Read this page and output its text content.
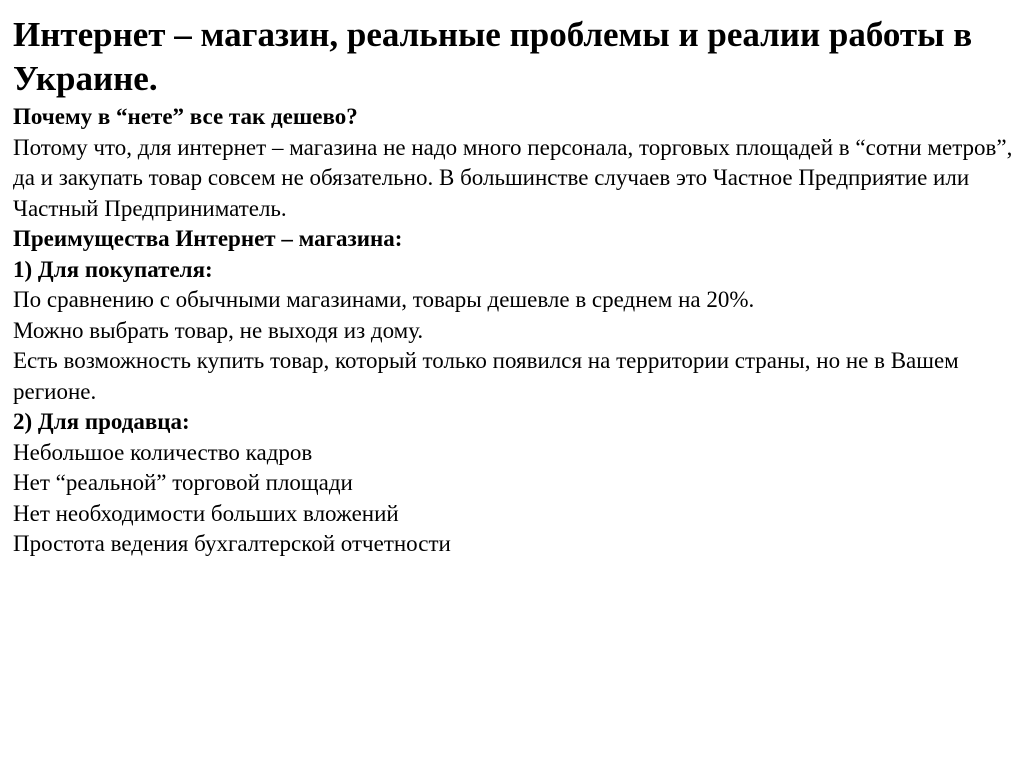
Интернет – магазин, реальные проблемы и реалии работы в Украине.

Почему в “нете” все так дешево?

Потому что, для интернет – магазина не надо много персонала, торговых площадей в “сотни метров”, да и закупать товар совсем не обязательно. В большинстве случаев это Частное Предприятие или Частный Предприниматель.

Преимущества Интернет – магазина:

1) Для покупателя:

По сравнению с обычными магазинами, товары дешевле в среднем на 20%.

Можно выбрать товар, не выходя из дому.

Есть возможность купить товар, который только появился на территории страны, но не в Вашем регионе.

2) Для продавца:

Небольшое количество кадров

Нет “реальной” торговой площади

Нет необходимости больших вложений

Простота ведения бухгалтерской отчетности
